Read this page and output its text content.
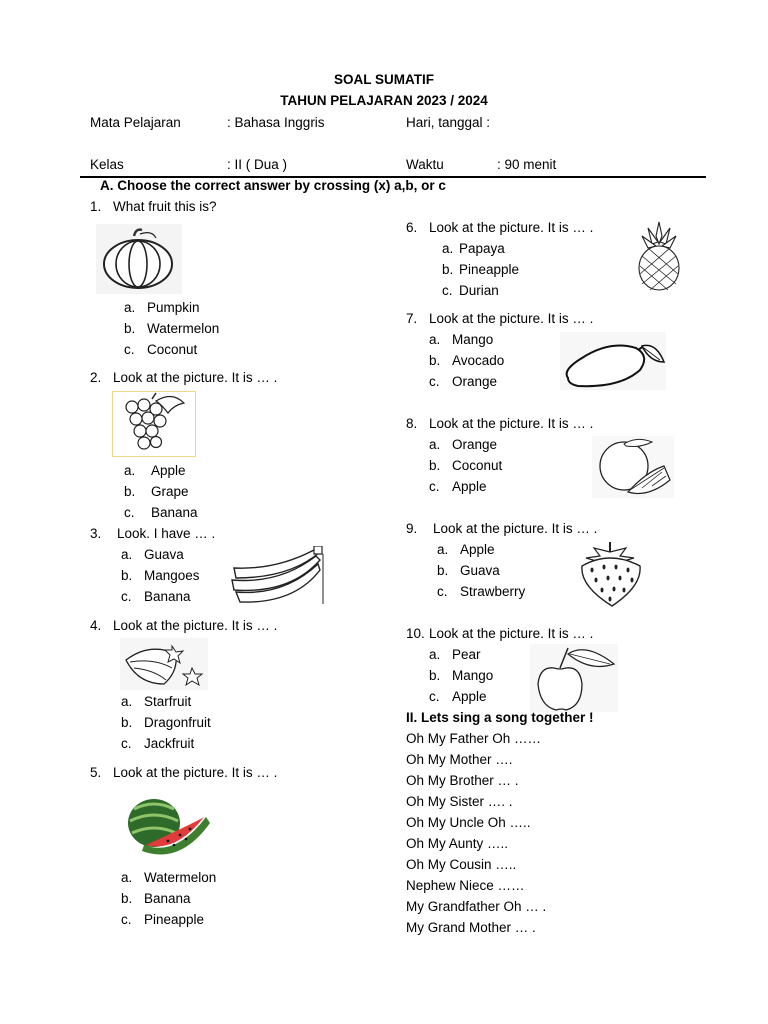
SOAL SUMATIF
TAHUN PELAJARAN 2023 / 2024
Mata Pelajaran	: Bahasa Inggris	Hari, tanggal :
Kelas	: II ( Dua )	Waktu	: 90 menit
A. Choose the correct answer by crossing (x) a,b, or c
1. What fruit this is?
a. Pumpkin
b. Watermelon
c. Coconut
2. Look at the picture. It is … .
a. Apple
b. Grape
c. Banana
3. Look. I have … .
a. Guava
b. Mangoes
c. Banana
4. Look at the picture. It is … .
a. Starfruit
b. Dragonfruit
c. Jackfruit
5. Look at the picture. It is … .
a. Watermelon
b. Banana
c. Pineapple
6. Look at the picture. It is … .
a. Papaya
b. Pineapple
c. Durian
7. Look at the picture. It is … .
a. Mango
b. Avocado
c. Orange
8. Look at the picture. It is … .
a. Orange
b. Coconut
c. Apple
9. Look at the picture. It is … .
a. Apple
b. Guava
c. Strawberry
10. Look at the picture. It is … .
a. Pear
b. Mango
c. Apple
II. Lets sing a song together !
Oh My Father Oh ……
Oh My Mother ….
Oh My Brother … .
Oh My Sister …. .
Oh My Uncle Oh …..
Oh My Aunty …..
Oh My Cousin …..
Nephew Niece ……
My Grandfather Oh … .
My Grand Mother … .
